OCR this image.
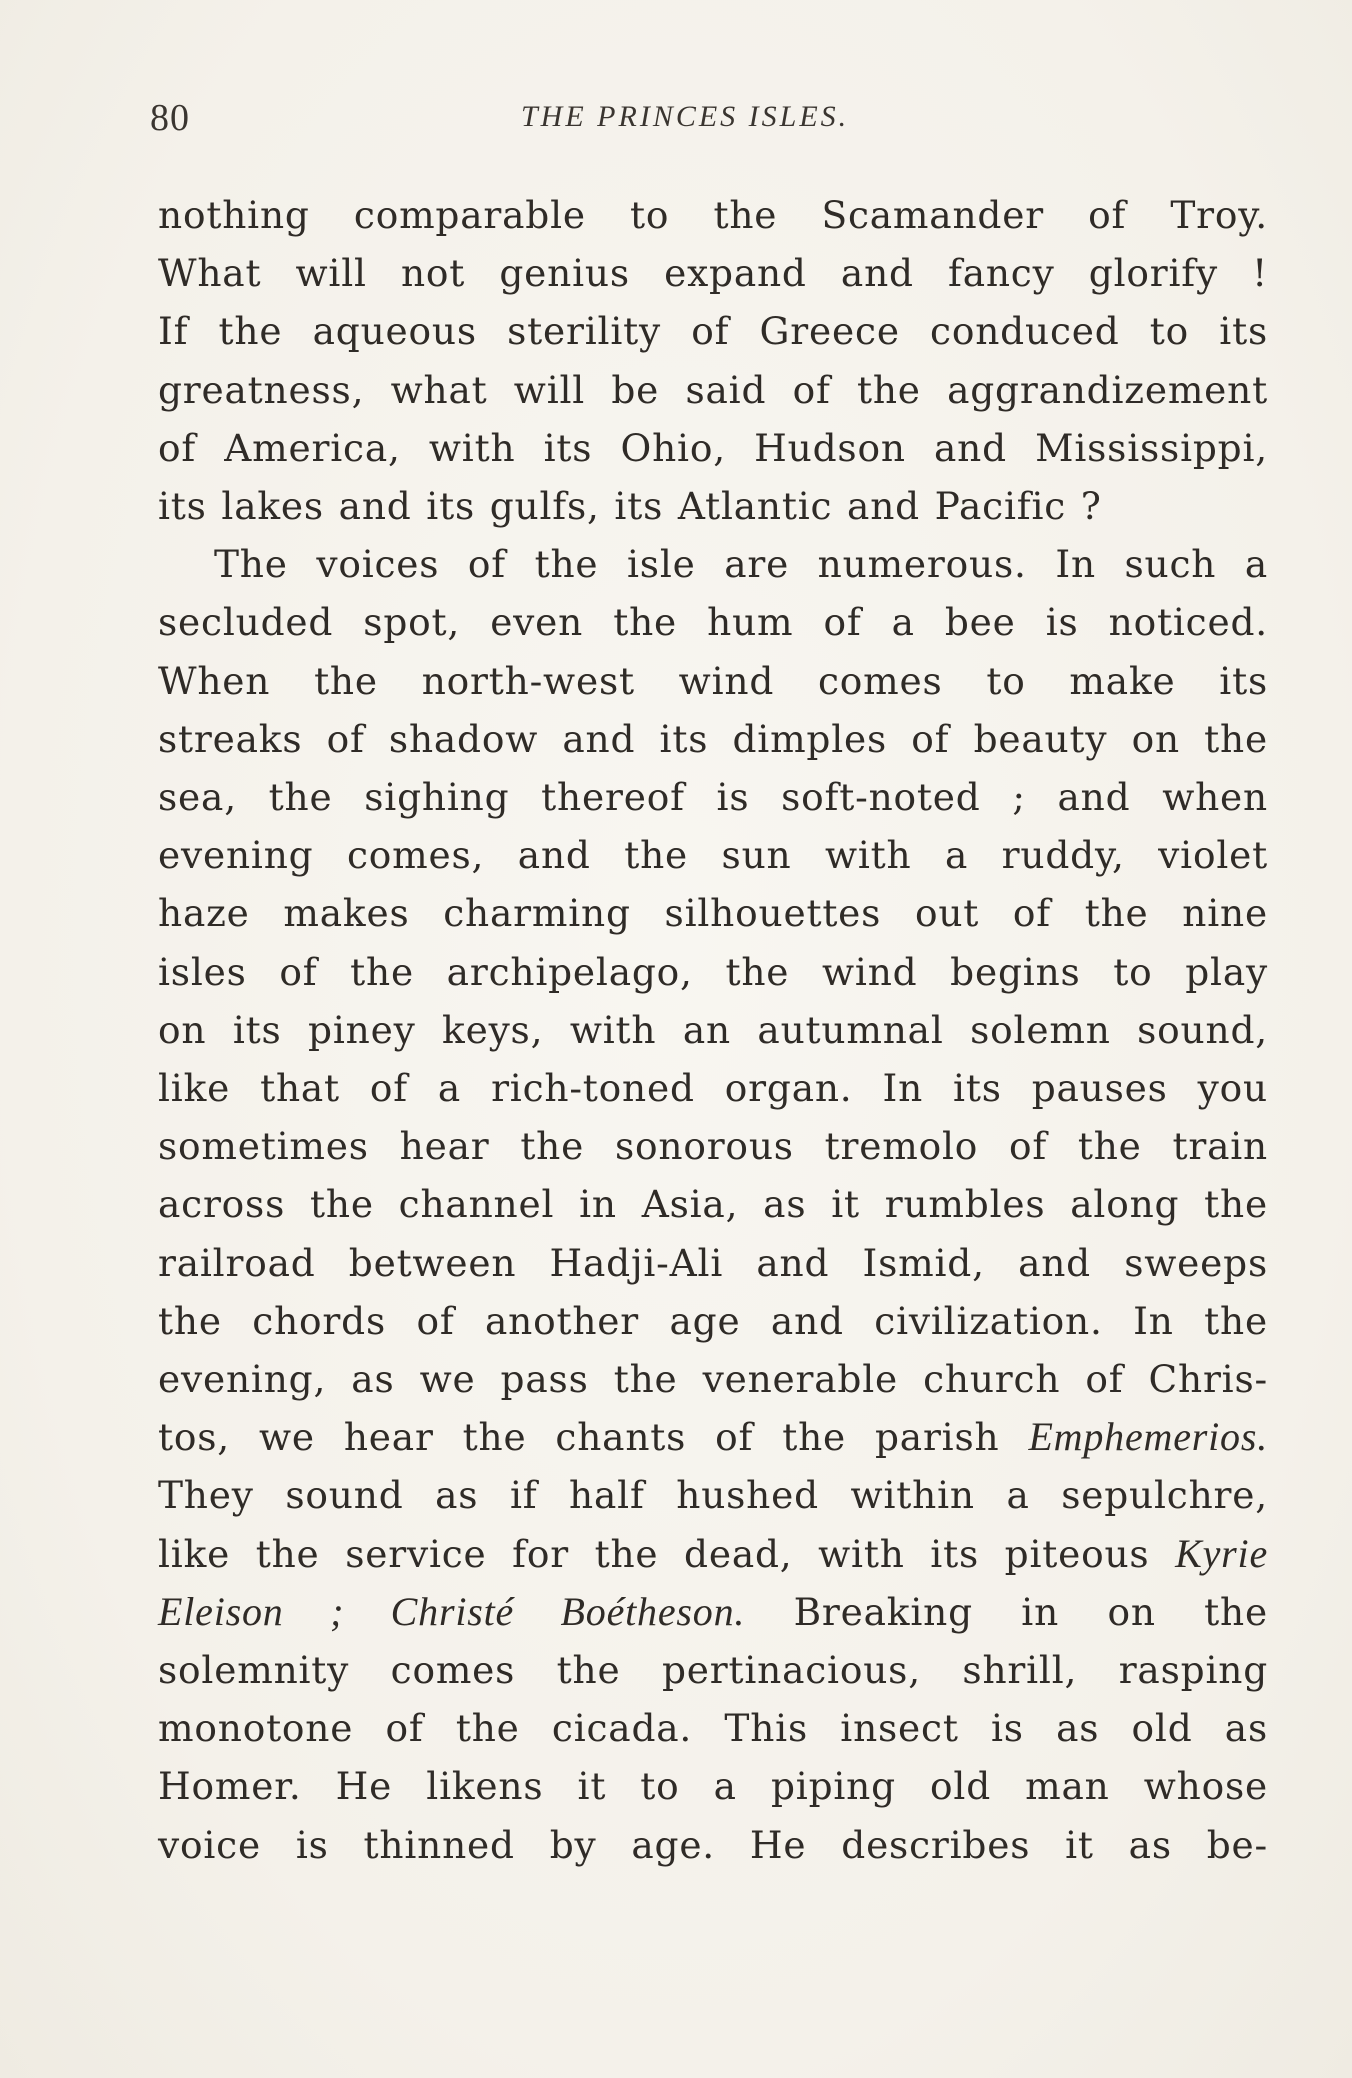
80	THE PRINCES ISLES.
nothing comparable to the Scamander of Troy.
What will not genius expand and fancy glorify !
If the aqueous sterility of Greece conduced to its
greatness, what will be said of the aggrandizement
of America, with its Ohio, Hudson and Mississippi,
its lakes and its gulfs, its Atlantic and Pacific ?
The voices of the isle are numerous. In such a
secluded spot, even the hum of a bee is noticed.
When the north-west wind comes to make its
streaks of shadow and its dimples of beauty on the
sea, the sighing thereof is soft-noted ; and when
evening comes, and the sun with a ruddy, violet
haze makes charming silhouettes out of the nine
isles of the archipelago, the wind begins to play
on its piney keys, with an autumnal solemn sound,
like that of a rich-toned organ. In its pauses you
sometimes hear the sonorous tremolo of the train
across the channel in Asia, as it rumbles along the
railroad between Hadji-Ali and Ismid, and sweeps
the chords of another age and civilization. In the
evening, as we pass the venerable church of Chris-
tos, we hear the chants of the parish Emphemerios.
They sound as if half hushed within a sepulchre,
like the service for the dead, with its piteous Kyrie
Eleison ; Christé Boétheson. Breaking in on the
solemnity comes the pertinacious, shrill, rasping
monotone of the cicada. This insect is as old as
Homer. He likens it to a piping old man whose
voice is thinned by age. He describes it as be-
